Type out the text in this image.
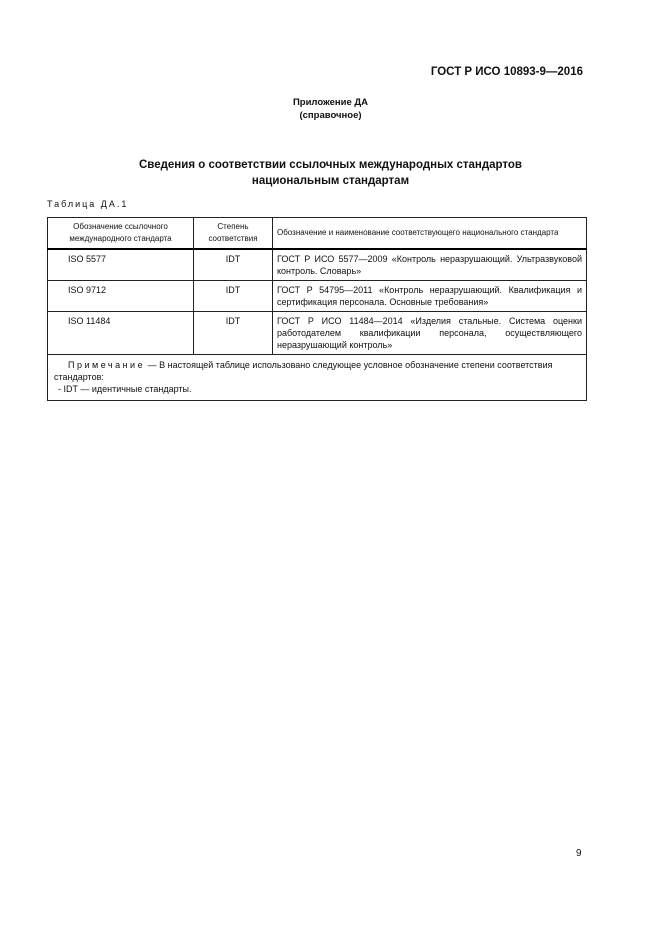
ГОСТ Р ИСО 10893-9—2016
Приложение ДА
(справочное)
Сведения о соответствии ссылочных международных стандартов
национальным стандартам
Таблица ДА.1
Обозначение ссылочного международного стандарта	Степень соответствия	Обозначение и наименование соответствующего национального стандарта
ISO 5577	IDT	ГОСТ Р ИСО 5577—2009 «Контроль неразрушающий. Ультразвуковой контроль. Словарь»
ISO 9712	IDT	ГОСТ Р 54795—2011 «Контроль неразрушающий. Квалификация и сертификация персонала. Основные требования»
ISO 11484	IDT	ГОСТ Р ИСО 11484—2014 «Изделия стальные. Система оценки работодателем квалификации персонала, осуществляющего неразрушающий контроль»
Примечание — В настоящей таблице использовано следующее условное обозначение степени соответствия стандартов:
- IDT — идентичные стандарты.		
9
